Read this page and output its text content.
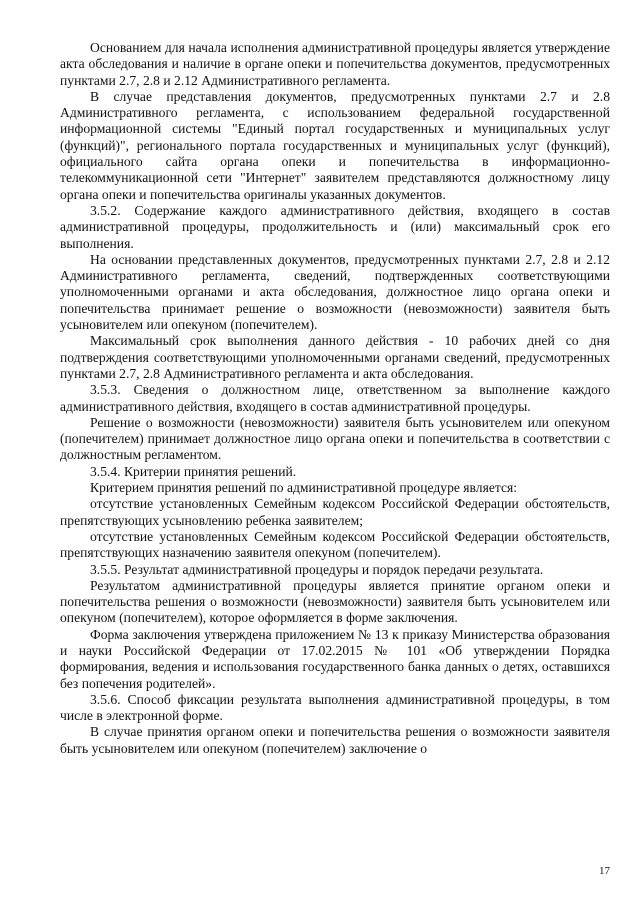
Основанием для начала исполнения административной процедуры является утверждение акта обследования и наличие в органе опеки и попечительства документов, предусмотренных пунктами 2.7, 2.8 и 2.12 Административного регламента.

В случае представления документов, предусмотренных пунктами 2.7 и 2.8 Административного регламента, с использованием федеральной государственной информационной системы "Единый портал государственных и муниципальных услуг (функций)", регионального портала государственных и муниципальных услуг (функций), официального сайта органа опеки и попечительства в информационно-телекоммуникационной сети "Интернет" заявителем представляются должностному лицу органа опеки и попечительства оригиналы указанных документов.

3.5.2. Содержание каждого административного действия, входящего в состав административной процедуры, продолжительность и (или) максимальный срок его выполнения.

На основании представленных документов, предусмотренных пунктами 2.7, 2.8 и 2.12 Административного регламента, сведений, подтвержденных соответствующими уполномоченными органами и акта обследования, должностное лицо органа опеки и попечительства принимает решение о возможности (невозможности) заявителя быть усыновителем или опекуном (попечителем).

Максимальный срок выполнения данного действия - 10 рабочих дней со дня подтверждения соответствующими уполномоченными органами сведений, предусмотренных пунктами 2.7, 2.8 Административного регламента и акта обследования.

3.5.3. Сведения о должностном лице, ответственном за выполнение каждого административного действия, входящего в состав административной процедуры.

Решение о возможности (невозможности) заявителя быть усыновителем или опекуном (попечителем) принимает должностное лицо органа опеки и попечительства в соответствии с должностным регламентом.

3.5.4. Критерии принятия решений.

Критерием принятия решений по административной процедуре является:

отсутствие установленных Семейным кодексом Российской Федерации обстоятельств, препятствующих усыновлению ребенка заявителем;

отсутствие установленных Семейным кодексом Российской Федерации обстоятельств, препятствующих назначению заявителя опекуном (попечителем).

3.5.5. Результат административной процедуры и порядок передачи результата.

Результатом административной процедуры является принятие органом опеки и попечительства решения о возможности (невозможности) заявителя быть усыновителем или опекуном (попечителем), которое оформляется в форме заключения.

Форма заключения утверждена приложением № 13 к приказу Министерства образования и науки Российской Федерации от 17.02.2015 № 101 «Об утверждении Порядка формирования, ведения и использования государственного банка данных о детях, оставшихся без попечения родителей».

3.5.6. Способ фиксации результата выполнения административной процедуры, в том числе в электронной форме.

В случае принятия органом опеки и попечительства решения о возможности заявителя быть усыновителем или опекуном (попечителем) заключение о

17
